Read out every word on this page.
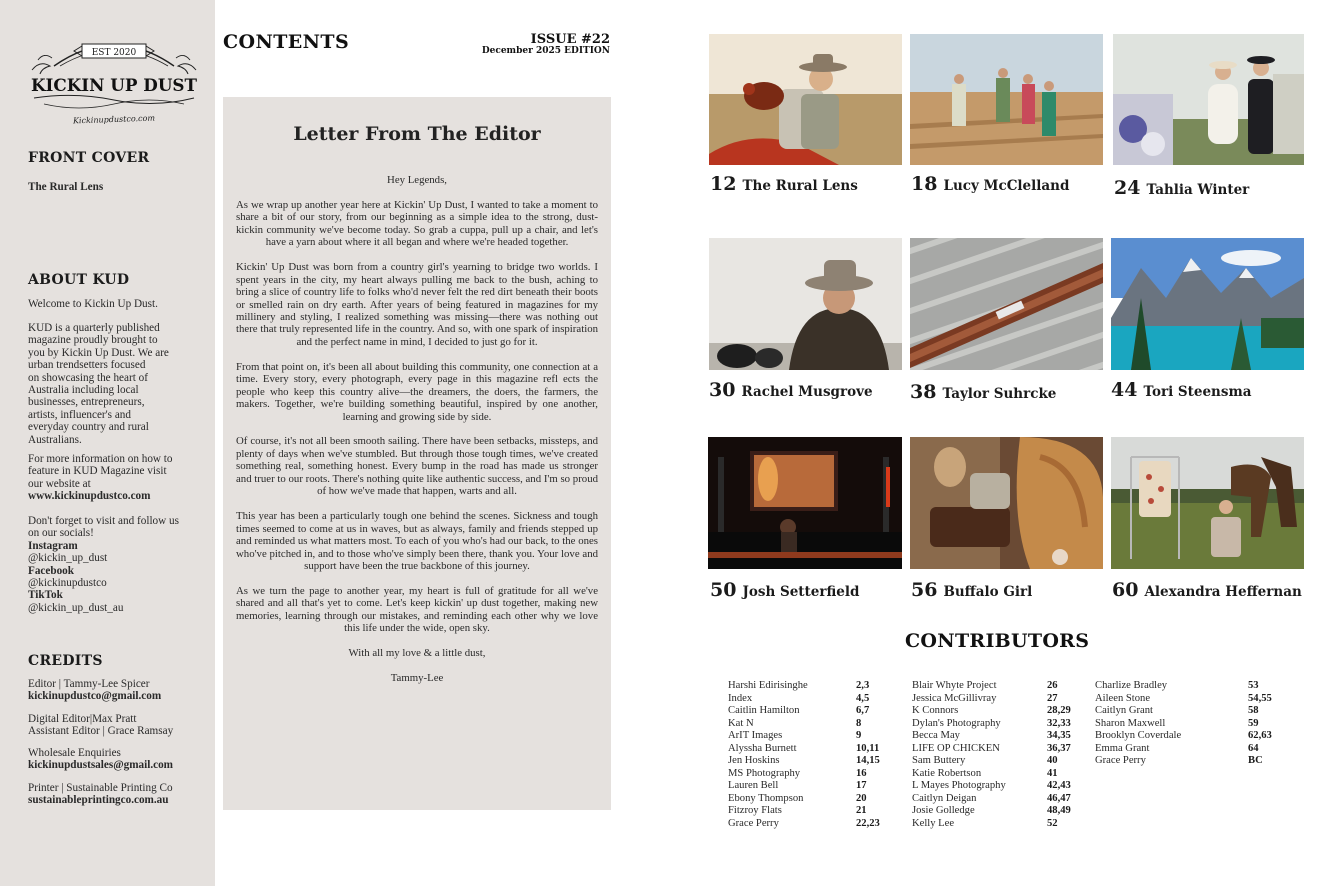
EST 2020
KICKIN UP DUST
Kickinupdustco.com
FRONT COVER
The Rural Lens
ABOUT KUD
Welcome to Kickin Up Dust.
KUD is a quarterly published
magazine proudly brought to
you by Kickin Up Dust. We are
urban trendsetters focused
on showcasing the heart of
Australia including local
businesses, entrepreneurs,
artists, influencer's and
everyday country and rural
Australians.
For more information on how to
feature in KUD Magazine visit
our website at
www.kickinupdustco.com
Don't forget to visit and follow us
on our socials!
Instagram
@kickin_up_dust
Facebook
@kickinupdustco
TikTok
@kickin_up_dust_au
CREDITS
Editor | Tammy-Lee Spicer
kickinupdustco@gmail.com
Digital Editor|Max Pratt
Assistant Editor | Grace Ramsay
Wholesale Enquiries
kickinupdustsales@gmail.com
Printer | Sustainable Printing Co
sustainableprintingco.com.au
CONTENTS	ISSUE #22
December 2025 EDITION
Letter From The Editor

Hey Legends,

As we wrap up another year here at Kickin' Up Dust, I wanted to take a moment to share a bit of our story, from our beginning as a simple idea to the strong, dust-kickin community we've become today. So grab a cuppa, pull up a chair, and let's have a yarn about where it all began and where we're headed together.

Kickin' Up Dust was born from a country girl's yearning to bridge two worlds. I spent years in the city, my heart always pulling me back to the bush, aching to bring a slice of country life to folks who'd never felt the red dirt beneath their boots or smelled rain on dry earth. After years of being featured in magazines for my millinery and styling, I realized something was missing—there was nothing out there that truly represented life in the country. And so, with one spark of inspiration and the perfect name in mind, I decided to just go for it.

From that point on, it's been all about building this community, one connection at a time. Every story, every photograph, every page in this magazine refl ects the people who keep this country alive—the dreamers, the doers, the farmers, the makers. Together, we're building something beautiful, inspired by one another, learning and growing side by side.

Of course, it's not all been smooth sailing. There have been setbacks, missteps, and plenty of days when we've stumbled. But through those tough times, we've created something real, something honest. Every bump in the road has made us stronger and truer to our roots. There's nothing quite like authentic success, and I'm so proud of how we've made that happen, warts and all.

This year has been a particularly tough one behind the scenes. Sickness and tough times seemed to come at us in waves, but as always, family and friends stepped up and reminded us what matters most. To each of you who's had our back, to the ones who've pitched in, and to those who've simply been there, thank you. Your love and support have been the true backbone of this journey.

As we turn the page to another year, my heart is full of gratitude for all we've shared and all that's yet to come. Let's keep kickin' up dust together, making new memories, learning through our mistakes, and reminding each other why we love this life under the wide, open sky.

With all my love & a little dust,

Tammy-Lee

12 The Rural Lens	18 Lucy McClelland 24 Tahlia Winter
30 Rachel Musgrove 38 Taylor Suhrcke	44 Tori Steensma
50 Josh Setterfield	56 Buffalo Girl	60 Alexandra Heffernan
CONTRIBUTORS
Harshi Edirisinghe	2,3
Index	4,5
Caitlin Hamilton	6,7
Kat N	8
ArIT Images	9
Alyssha Burnett	10,11
Jen Hoskins	14,15
MS Photography	16
Lauren Bell	17
Ebony Thompson	20
Fitzroy Flats	21
Grace Perry	22,23
Blair Whyte Project	26
Jessica McGillivray	27
K Connors	28,29
Dylan's Photography	32,33
Becca May	34,35
LIFE OP CHICKEN	36,37
Sam Buttery	40
Katie Robertson	41
L Mayes Photography	42,43
Caitlyn Deigan	46,47
Josie Golledge	48,49
Kelly Lee	52
Charlize Bradley	53
Aileen Stone	54,55
Caitlyn Grant	58
Sharon Maxwell	59
Brooklyn Coverdale	62,63
Emma Grant	64
Grace Perry	BC
